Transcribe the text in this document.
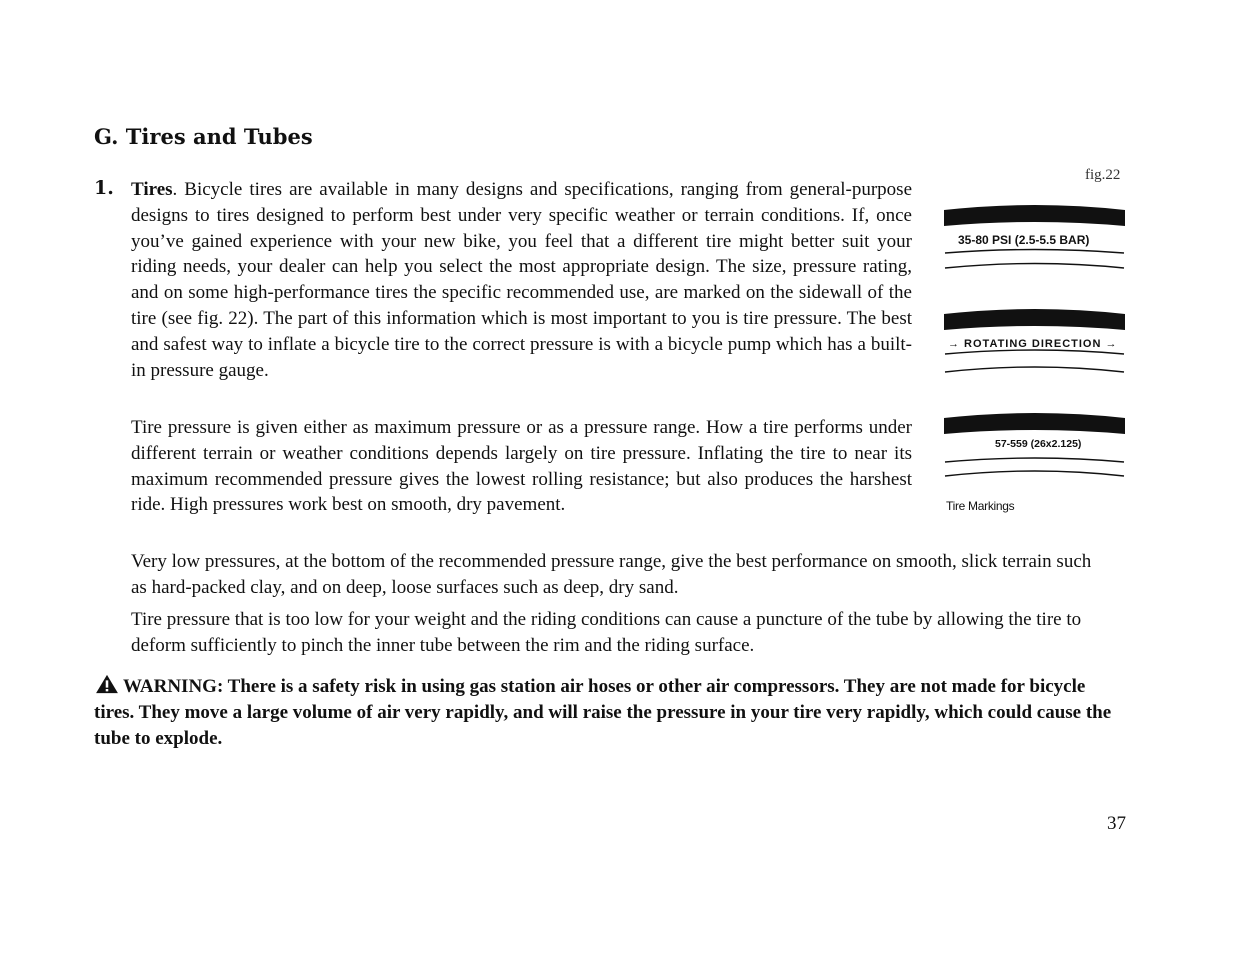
G. Tires and Tubes
1. Tires. Bicycle tires are available in many designs and specifications, ranging from general-purpose designs to tires designed to perform best under very specific weather or terrain conditions. If, once you’ve gained experience with your new bike, you feel that a different tire might better suit your riding needs, your dealer can help you select the most appropriate design. The size, pressure rating, and on some high-performance tires the specific recommended use, are marked on the sidewall of the tire (see fig. 22). The part of this information which is most important to you is tire pressure. The best and safest way to inflate a bicycle tire to the correct pressure is with a bicycle pump which has a built-in pressure gauge.
Tire pressure is given either as maximum pressure or as a pressure range. How a tire performs under different terrain or weather conditions depends largely on tire pressure. Inflating the tire to near its maximum recommended pressure gives the lowest rolling resistance; but also produces the harshest ride. High pressures work best on smooth, dry pavement.
Very low pressures, at the bottom of the recommended pressure range, give the best performance on smooth, slick terrain such as hard-packed clay, and on deep, loose surfaces such as deep, dry sand.
Tire pressure that is too low for your weight and the riding conditions can cause a puncture of the tube by allowing the tire to deform sufficiently to pinch the inner tube between the rim and the riding surface.
fig.22
35-80 PSI (2.5-5.5 BAR)
→ ROTATING DIRECTION →
57-559 (26x2.125)
Tire Markings
WARNING: There is a safety risk in using gas station air hoses or other air compressors. They are not made for bicycle tires. They move a large volume of air very rapidly, and will raise the pressure in your tire very rapidly, which could cause the tube to explode.
37
